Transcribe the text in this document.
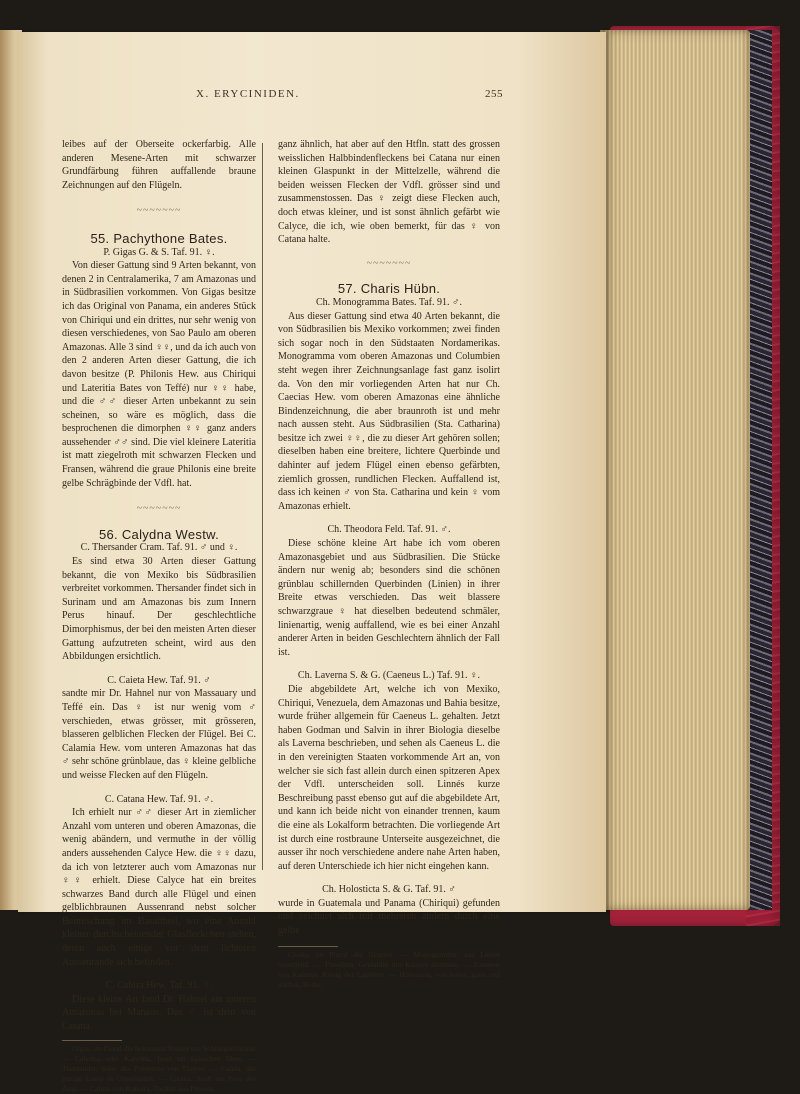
X. ERYCINIDEN.	255

leibes auf der Oberseite ockerfarbig. Alle anderen Mesene-Arten mit schwarzer Grundfärbung führen auffallende braune Zeichnungen auf den Flügeln.

~~~~~~~

55. Pachythone Bates.

P. Gigas G. & S. Taf. 91. ♀.

Von dieser Gattung sind 9 Arten bekannt, von denen 2 in Centralamerika, 7 am Amazonas und in Südbrasilien vorkommen. Von Gigas besitze ich das Original von Panama, ein anderes Stück von Chiriqui und ein drittes, nur sehr wenig von diesen verschiedenes, von Sao Paulo am oberen Amazonas. Alle 3 sind ♀♀, und da ich auch von den 2 anderen Arten dieser Gattung, die ich davon besitze (P. Philonis Hew. aus Chiriqui und Lateritia Bates von Teffé) nur ♀♀ habe, und die ♂♂ dieser Arten unbekannt zu sein scheinen, so wäre es möglich, dass die besprochenen die dimorphen ♀♀ ganz anders aussehender ♂♂ sind. Die viel kleinere Lateritia ist matt ziegelroth mit schwarzen Flecken und Fransen, während die graue Philonis eine breite gelbe Schrägbinde der Vdfl. hat.

~~~~~~~

56. Calydna Westw.

C. Thersander Cram. Taf. 91. ♂ und ♀.

Es sind etwa 30 Arten dieser Gattung bekannt, die von Mexiko bis Südbrasilien verbreitet vorkommen. Thersander findet sich in Surinam und am Amazonas bis zum Innern Perus hinauf. Der geschlechtliche Dimorphismus, der bei den meisten Arten dieser Gattung aufzutreten scheint, wird aus den Abbildungen ersichtlich.

C. Caieta Hew. Taf. 91. ♂

sandte mir Dr. Hahnel nur von Massauary und Teffé ein. Das ♀ ist nur wenig vom ♂ verschieden, etwas grösser, mit grösseren, blasseren gelblichen Flecken der Flügel. Bei C. Calamia Hew. vom unteren Amazonas hat das ♂ sehr schöne grünblaue, das ♀ kleine gelbliche und weisse Flecken auf den Flügeln.

C. Catana Hew. Taf. 91. ♂.

Ich erhielt nur ♂♂ dieser Art in ziemlicher Anzahl vom unteren und oberen Amazonas, die wenig abändern, und vermuthe in der völlig anders aussehenden Calyce Hew. die ♀♀ dazu, da ich von letzterer auch vom Amazonas nur ♀♀ erhielt. Diese Calyce hat ein breites schwarzes Band durch alle Flügel und einen gelblichbraunen Aussenrand nebst solcher Beimischung im Basaltheil, wo eine Anzahl kleiner durchscheinender Glasfleckchen stehen, deren auch einige vor dem lichteren Aussenrande sich befinden.

C. Cabira Hew. Taf. 91. ♀.

Diese kleine Art fand Dr. Hahnel am unteren Amazonas bei Manaos. Das ♂ ist dem von Catana

Gigas, im Plural die bekannten Riesen mit Schlangenfüssen. — Calydna oder Kalydna, Insel im ägäischen Meer. — Thersander, Sohn des Polynices von Theben. — Caieta, das jetzige Gaeta in Unteritalien. — Catana, Stadt am Fuss des Ätna. — Cabira von Kabeira, Tochter des Proteus.

ganz ähnlich, hat aber auf den Htfln. statt des grossen weisslichen Halbbindenfleckens bei Catana nur einen kleinen Glaspunkt in der Mittelzelle, während die beiden weissen Flecken der Vdfl. grösser sind und zusammenstossen. Das ♀ zeigt diese Flecken auch, doch etwas kleiner, und ist sonst ähnlich gefärbt wie Calyce, die ich, wie oben bemerkt, für das ♀ von Catana halte.

~~~~~~~

57. Charis Hübn.

Ch. Monogramma Bates. Taf. 91. ♂.

Aus dieser Gattung sind etwa 40 Arten bekannt, die von Südbrasilien bis Mexiko vorkommen; zwei finden sich sogar noch in den Südstaaten Nordamerikas. Monogramma vom oberen Amazonas und Columbien steht wegen ihrer Zeichnungsanlage fast ganz isolirt da. Von den mir vorliegenden Arten hat nur Ch. Caecias Hew. vom oberen Amazonas eine ähnliche Bindenzeichnung, die aber braunroth ist und mehr nach aussen steht. Aus Südbrasilien (Sta. Catharina) besitze ich zwei ♀♀, die zu dieser Art gehören sollen; dieselben haben eine breitere, lichtere Querbinde und dahinter auf jedem Flügel einen ebenso gefärbten, ziemlich grossen, rundlichen Flecken. Auffallend ist, dass ich keinen ♂ von Sta. Catharina und kein ♀ vom Amazonas erhielt.

Ch. Theodora Feld. Taf. 91. ♂.

Diese schöne kleine Art habe ich vom oberen Amazonasgebiet und aus Südbrasilien. Die Stücke ändern nur wenig ab; besonders sind die schönen grünblau schillernden Querbinden (Linien) in ihrer Breite etwas verschieden. Das weit blassere schwarzgraue ♀ hat dieselben bedeutend schmäler, linienartig, wenig auffallend, wie es bei einer Anzahl anderer Arten in beiden Geschlechtern ähnlich der Fall ist.

Ch. Laverna S. & G. (Caeneus L.) Taf. 91. ♀.

Die abgebildete Art, welche ich von Mexiko, Chiriqui, Venezuela, dem Amazonas und Bahia besitze, wurde früher allgemein für Caeneus L. gehalten. Jetzt haben Godman und Salvin in ihrer Biologia dieselbe als Laverna beschrieben, und sehen als Caeneus L. die in den vereinigten Staaten vorkommende Art an, von welcher sie sich fast allein durch einen spitzeren Apex der Vdfl. unterscheiden soll. Linnés kurze Beschreibung passt ebenso gut auf die abgebildete Art, und kann ich beide nicht von einander trennen, kaum die eine als Lokalform betrachten. Die vorliegende Art ist durch eine rostbraune Unterseite ausgezeichnet, die ausser ihr noch verschiedene andere nahe Arten haben, auf deren Unterschiede ich hier nicht eingehen kann.

Ch. Holosticta S. & G. Taf. 91. ♂

wurde in Guatemala und Panama (Chiriqui) gefunden und zeichnet sich mit mehreren andern durch eine gelbe

Charis, im Plural die Grazien. — Monogramma, aus Linien bestehend. — Theodora, Gemahlin des Kaisers Justinian. — Caeneus von Kaineus, König der Lapithen. — Holosticta, von holos, ganz und stichos, Reihe.
